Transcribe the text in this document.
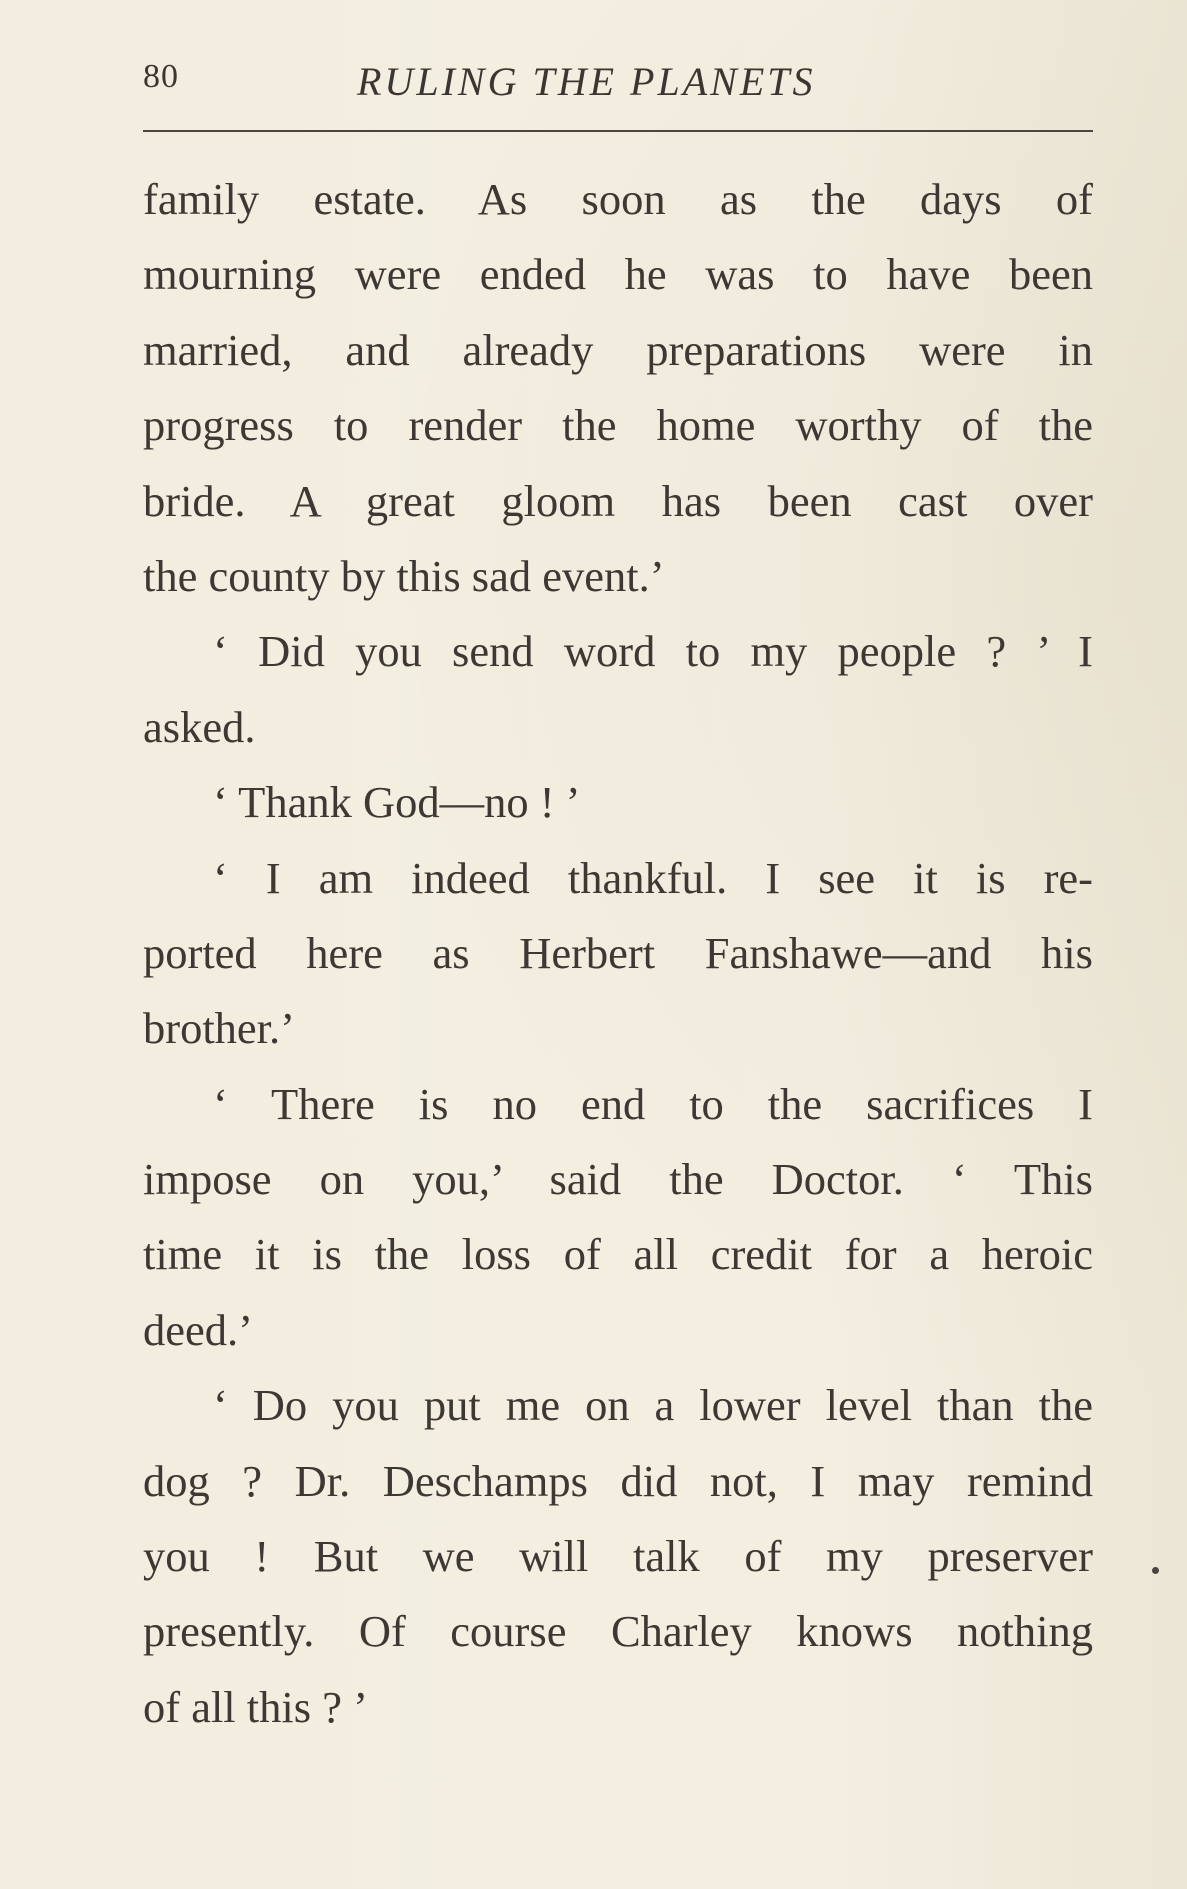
80	RULING THE PLANETS
family estate. As soon as the days of
mourning were ended he was to have been
married, and already preparations were in
progress to render the home worthy of the
bride. A great gloom has been cast over
the county by this sad event.’
‘ Did you send word to my people ? ’ I
asked.
‘ Thank God—no ! ’
‘ I am indeed thankful. I see it is re-
ported here as Herbert Fanshawe—and his
brother.’
‘ There is no end to the sacrifices I
impose on you,’ said the Doctor. ‘ This
time it is the loss of all credit for a heroic
deed.’
‘ Do you put me on a lower level than the
dog ? Dr. Deschamps did not, I may remind
you ! But we will talk of my preserver
presently. Of course Charley knows nothing
of all this ? ’
